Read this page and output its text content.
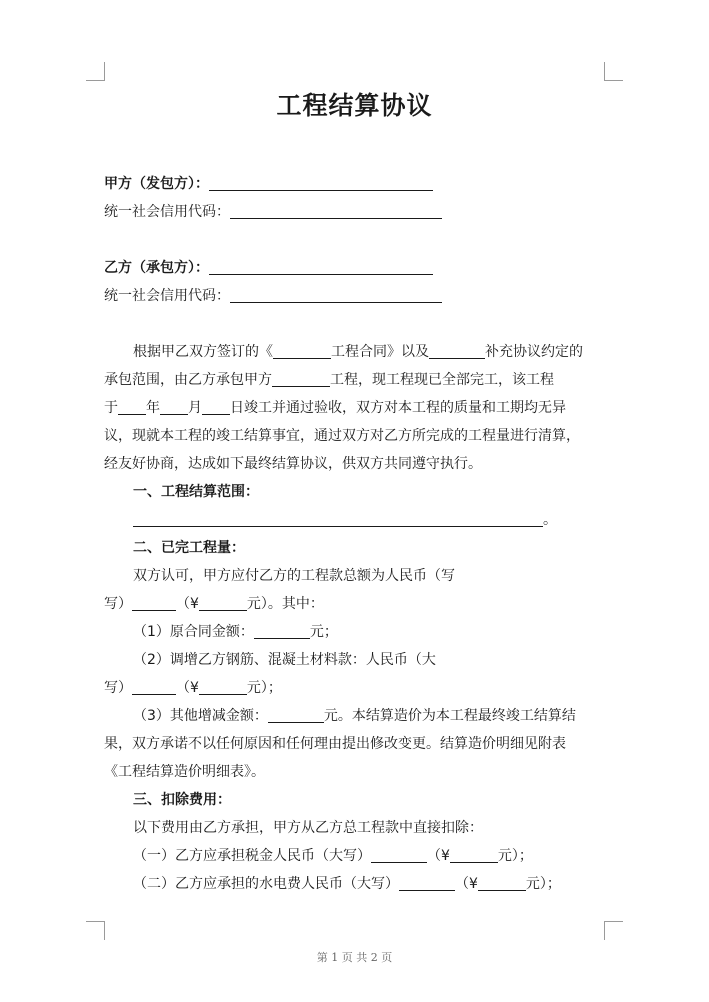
工程结算协议
甲方（发包方）：
统一社会信用代码：
乙方（承包方）：
统一社会信用代码：
根据甲乙双方签订的《	工程合同》以及	补充协议约定的
承包范围，由乙方承包甲方	工程，现工程现已全部完工，该工程
于 年 月 日竣工并通过验收，双方对本工程的质量和工期均无异
议，现就本工程的竣工结算事宜，通过双方对乙方所完成的工程量进行清算，
经友好协商，达成如下最终结算协议，供双方共同遵守执行。
一、工程结算范围：
。
二、已完工程量：
双方认可，甲方应付乙方的工程款总额为人民币（写
写）	（¥	元）。其中：
（1）原合同金额：	元；
（2）调增乙方钢筋、混凝土材料款：人民币（大
写）	（¥	元）；
（3）其他增减金额：	元。本结算造价为本工程最终竣工结算结
果，双方承诺不以任何原因和任何理由提出修改变更。结算造价明细见附表
《工程结算造价明细表》。
三、扣除费用：
以下费用由乙方承担，甲方从乙方总工程款中直接扣除：
（一）乙方应承担税金人民币（大写）	（¥	元）；
（二）乙方应承担的水电费人民币（大写）	（¥	元）；
第 1 页 共 2 页
